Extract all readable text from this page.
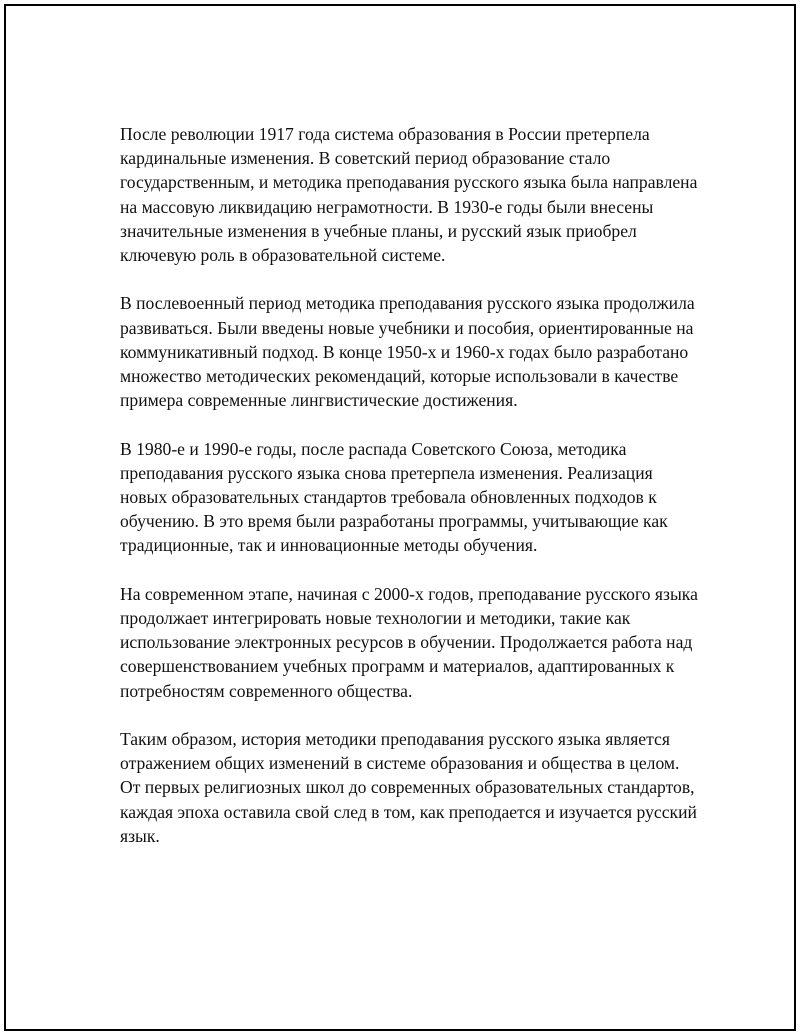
После революции 1917 года система образования в России претерпела кардинальные изменения. В советский период образование стало государственным, и методика преподавания русского языка была направлена на массовую ликвидацию неграмотности. В 1930-е годы были внесены значительные изменения в учебные планы, и русский язык приобрел ключевую роль в образовательной системе.

В послевоенный период методика преподавания русского языка продолжила развиваться. Были введены новые учебники и пособия, ориентированные на коммуникативный подход. В конце 1950-х и 1960-х годах было разработано множество методических рекомендаций, которые использовали в качестве примера современные лингвистические достижения.

В 1980-е и 1990-е годы, после распада Советского Союза, методика преподавания русского языка снова претерпела изменения. Реализация новых образовательных стандартов требовала обновленных подходов к обучению. В это время были разработаны программы, учитывающие как традиционные, так и инновационные методы обучения.

На современном этапе, начиная с 2000-х годов, преподавание русского языка продолжает интегрировать новые технологии и методики, такие как использование электронных ресурсов в обучении. Продолжается работа над совершенствованием учебных программ и материалов, адаптированных к потребностям современного общества.

Таким образом, история методики преподавания русского языка является отражением общих изменений в системе образования и общества в целом. От первых религиозных школ до современных образовательных стандартов, каждая эпоха оставила свой след в том, как преподается и изучается русский язык.
